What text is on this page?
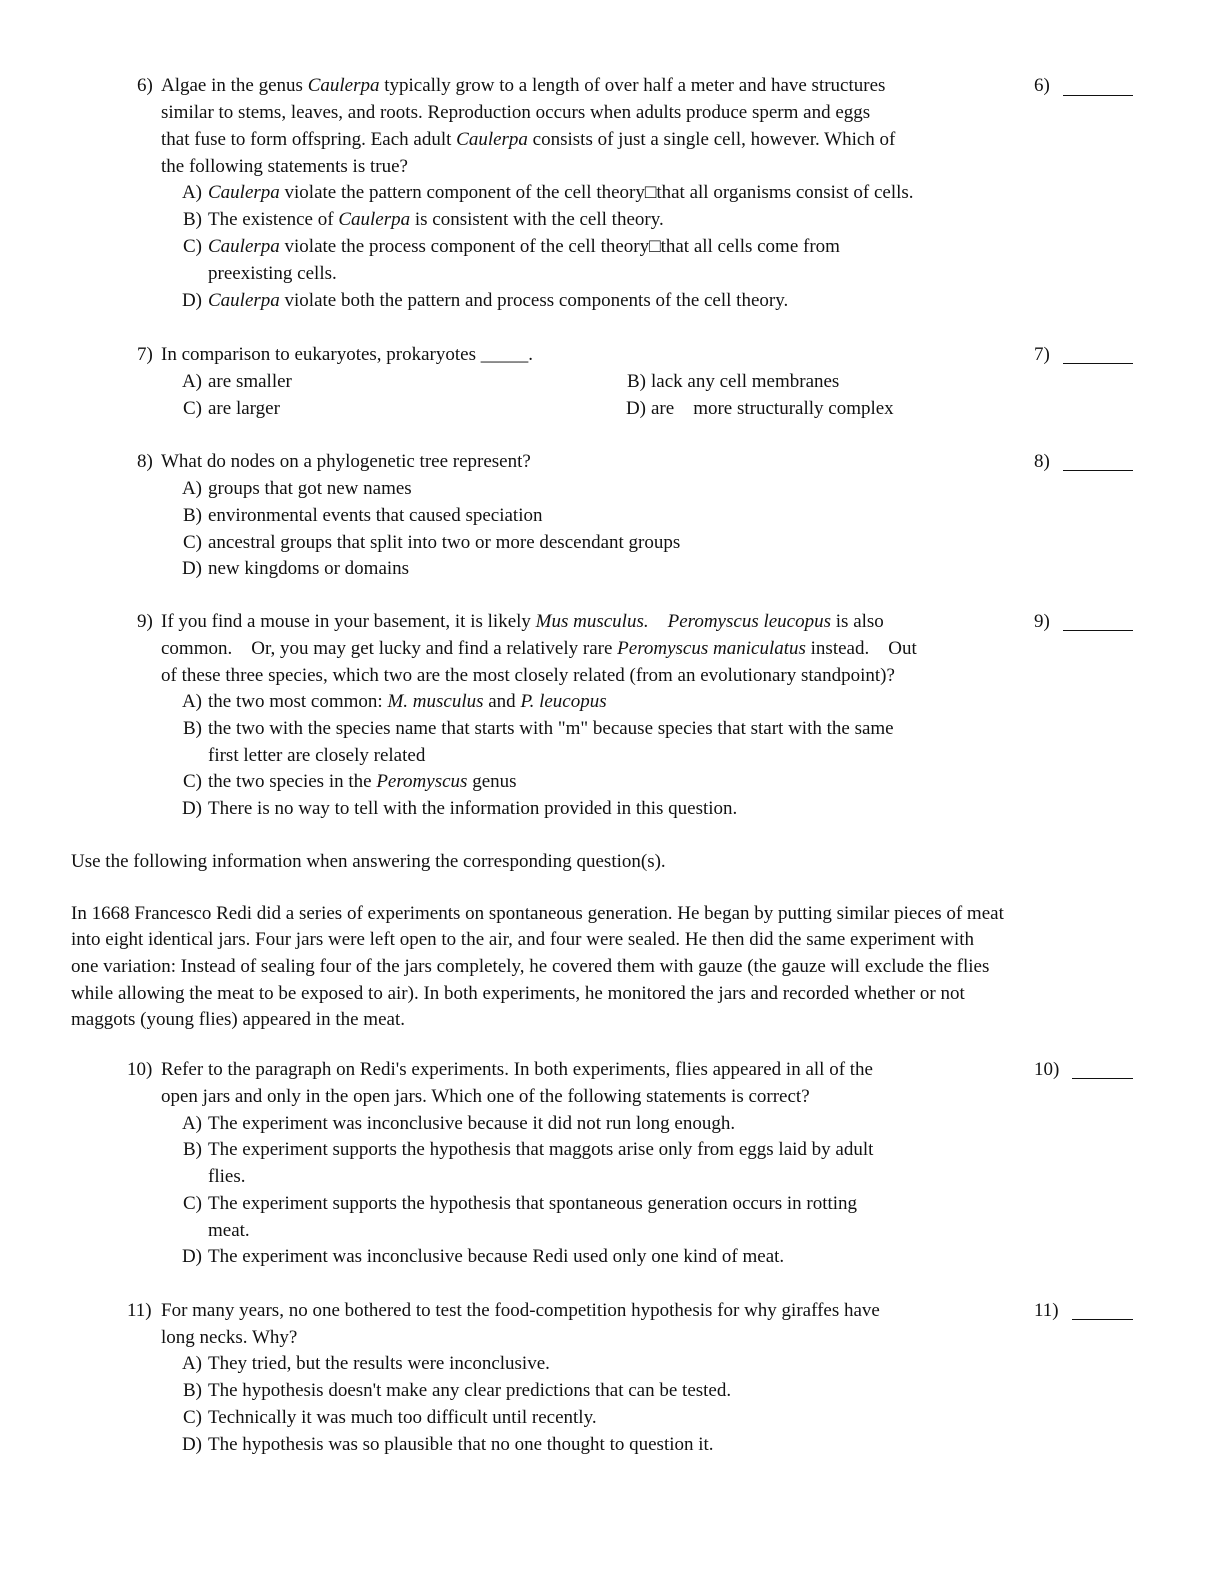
6) Algae in the genus Caulerpa typically grow to a length of over half a meter and have structures
similar to stems, leaves, and roots. Reproduction occurs when adults produce sperm and eggs
that fuse to form offspring. Each adult Caulerpa consists of just a single cell, however. Which of
the following statements is true?
6)
A) Caulerpa violate the pattern component of the cell theory□that all organisms consist of cells.
B) The existence of Caulerpa is consistent with the cell theory.
C) Caulerpa violate the process component of the cell theory□that all cells come from
preexisting cells.
D) Caulerpa violate both the pattern and process components of the cell theory.
7) In comparison to eukaryotes, prokaryotes _____.	7)
A) are smaller	B) lack any cell membranes
C) are larger	D) are    more structurally complex
8) What do nodes on a phylogenetic tree represent?	8)
A) groups that got new names
B) environmental events that caused speciation
C) ancestral groups that split into two or more descendant groups
D) new kingdoms or domains
9) If you find a mouse in your basement, it is likely Mus musculus. Peromyscus leucopus is also
common.    Or, you may get lucky and find a relatively rare Peromyscus maniculatus instead.    Out
of these three species, which two are the most closely related (from an evolutionary standpoint)?
9)
A) the two most common: M. musculus and P. leucopus
B) the two with the species name that starts with "m" because species that start with the same
first letter are closely related
C) the two species in the Peromyscus genus
D) There is no way to tell with the information provided in this question.
Use the following information when answering the corresponding question(s).
In 1668 Francesco Redi did a series of experiments on spontaneous generation. He began by putting similar pieces of meat
into eight identical jars. Four jars were left open to the air, and four were sealed. He then did the same experiment with
one variation: Instead of sealing four of the jars completely, he covered them with gauze (the gauze will exclude the flies
while allowing the meat to be exposed to air). In both experiments, he monitored the jars and recorded whether or not
maggots (young flies) appeared in the meat.
10) Refer to the paragraph on Redi's experiments. In both experiments, flies appeared in all of the
open jars and only in the open jars. Which one of the following statements is correct?
10)
A) The experiment was inconclusive because it did not run long enough.
B) The experiment supports the hypothesis that maggots arise only from eggs laid by adult
flies.
C) The experiment supports the hypothesis that spontaneous generation occurs in rotting
meat.
D) The experiment was inconclusive because Redi used only one kind of meat.
11) For many years, no one bothered to test the food-competition hypothesis for why giraffes have
long necks. Why?
11)
A) They tried, but the results were inconclusive.
B) The hypothesis doesn't make any clear predictions that can be tested.
C) Technically it was much too difficult until recently.
D) The hypothesis was so plausible that no one thought to question it.
